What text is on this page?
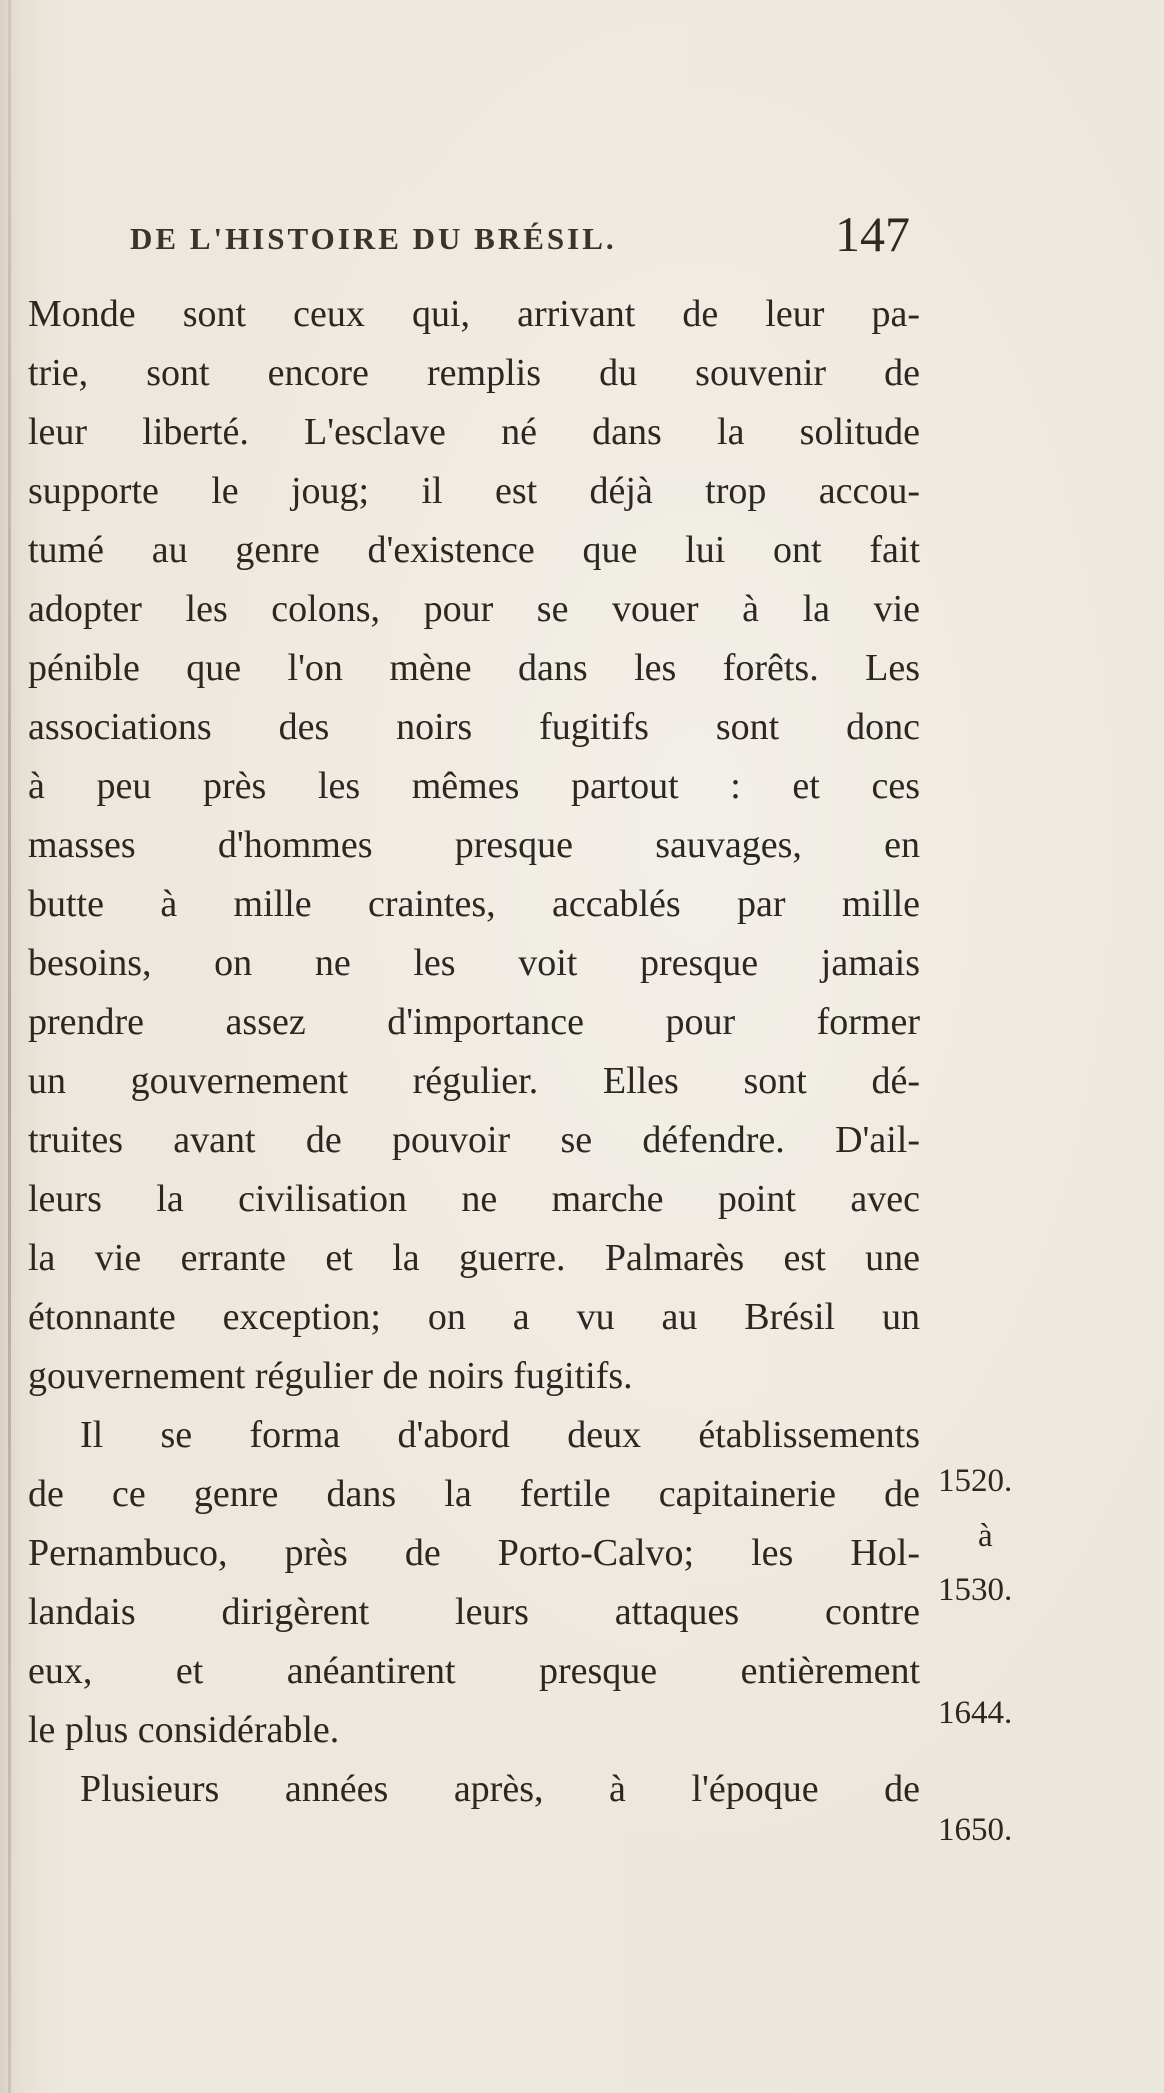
DE L'HISTOIRE DU BRÉSIL.	147
Monde sont ceux qui, arrivant de leur pa-
trie, sont encore remplis du souvenir de
leur liberté. L'esclave né dans la solitude
supporte le joug; il est déjà trop accou-
tumé au genre d'existence que lui ont fait
adopter les colons, pour se vouer à la vie
pénible que l'on mène dans les forêts. Les
associations des noirs fugitifs sont donc
à peu près les mêmes partout : et ces
masses d'hommes presque sauvages, en
butte à mille craintes, accablés par mille
besoins, on ne les voit presque jamais
prendre assez d'importance pour former
un gouvernement régulier. Elles sont dé-
truites avant de pouvoir se défendre. D'ail-
leurs la civilisation ne marche point avec
la vie errante et la guerre. Palmarès est une
étonnante exception; on a vu au Brésil un
gouvernement régulier de noirs fugitifs.
Il se forma d'abord deux établissements
de ce genre dans la fertile capitainerie de
Pernambuco, près de Porto-Calvo; les Hol-
landais dirigèrent leurs attaques contre
eux, et anéantirent presque entièrement
le plus considérable.
Plusieurs années après, à l'époque de
1520.
à
1530.
1644.
1650.
